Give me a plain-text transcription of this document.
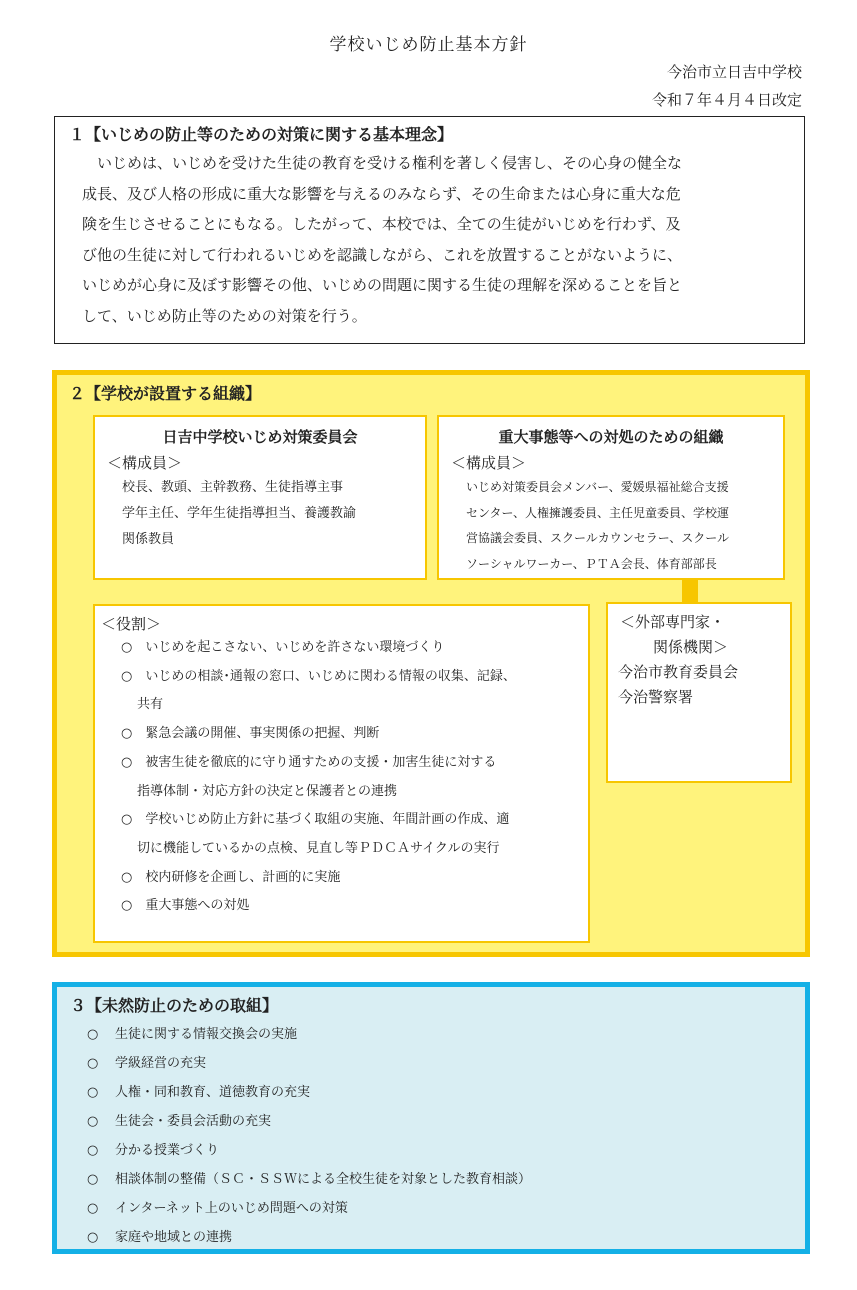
学校いじめ防止基本方針
今治市立日吉中学校
令和７年４月４日改定
１【いじめの防止等のための対策に関する基本理念】
いじめは、いじめを受けた生徒の教育を受ける権利を著しく侵害し、その心身の健全な
成長、及び人格の形成に重大な影響を与えるのみならず、その生命または心身に重大な危
険を生じさせることにもなる。したがって、本校では、全ての生徒がいじめを行わず、及
び他の生徒に対して行われるいじめを認識しながら、これを放置することがないように、
いじめが心身に及ぼす影響その他、いじめの問題に関する生徒の理解を深めることを旨と
して、いじめ防止等のための対策を行う。
２【学校が設置する組織】
日吉中学校いじめ対策委員会
＜構成員＞
校長、教頭、主幹教務、生徒指導主事
学年主任、学年生徒指導担当、養護教諭
関係教員
重大事態等への対処のための組織
＜構成員＞
いじめ対策委員会メンバー、愛媛県福祉総合支援
センター、人権擁護委員、主任児童委員、学校運
営協議会委員、スクールカウンセラー、スクール
ソーシャルワーカー、ＰＴＡ会長、体育部部長
＜役割＞
○　いじめを起こさない、いじめを許さない環境づくり
○　いじめの相談･通報の窓口、いじめに関わる情報の収集、記録、
共有
○　緊急会議の開催、事実関係の把握、判断
○　被害生徒を徹底的に守り通すための支援・加害生徒に対する
指導体制・対応方針の決定と保護者との連携
○　学校いじめ防止方針に基づく取組の実施、年間計画の作成、適
切に機能しているかの点検、見直し等ＰＤＣＡサイクルの実行
○　校内研修を企画し、計画的に実施
○　重大事態への対処
＜外部専門家・
関係機関＞
今治市教育委員会
今治警察署
３【未然防止のための取組】
○ 生徒に関する情報交換会の実施
○ 学級経営の充実
○ 人権・同和教育、道徳教育の充実
○ 生徒会・委員会活動の充実
○ 分かる授業づくり
○ 相談体制の整備（ＳＣ・ＳＳＷによる全校生徒を対象とした教育相談）
○ インターネット上のいじめ問題への対策
○ 家庭や地域との連携
